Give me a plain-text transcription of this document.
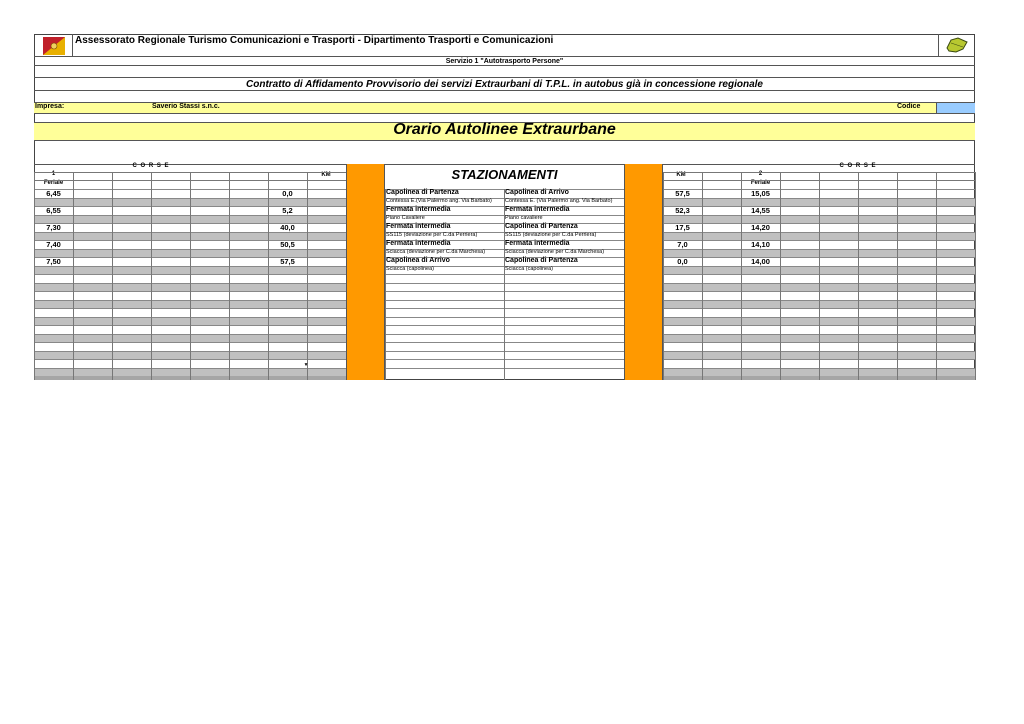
Assessorato Regionale Turismo Comunicazioni e Trasporti - Dipartimento Trasporti e Comunicazioni
Servizio 1 "Autotrasporto Persone"
Contratto di Affidamento Provvisorio dei servizi Extraurbani di T.P.L. in autobus già in concessione regionale
Impresa:	Saverio Stassi s.n.c.	Codice
Orario Autolinee Extraurbane
C O R S E	C O R S E
1	2
Feriale	Feriale
KM	KM
STAZIONAMENTI
▼
6,45	0,0	Capolinea di Partenza	Capolinea di Arrivo	57,5	15,05
Contessa E.(Via Palermo ang. Via Barbato)	Contessa E. (Via Palermo ang. Via Barbato)
6,55	5,2	Fermata intermedia	Fermata intermedia	52,3	14,55
Piano Cavaliere	Piano cavaliere
7,30	40,0	Fermata intermedia	Capolinea di Partenza	17,5	14,20
SS115 (deviazione per C.da Perriera)	SS115 (deviazione per C.da Perriera)
7,40	50,5	Fermata intermedia	Fermata intermedia	7,0	14,10
Sciacca (deviazione per C.da Marchesa)	Sciacca (deviazione per C.da Marchesa)
7,50	57,5	Capolinea di Arrivo	Capolinea di Partenza	0,0	14,00
Sciacca (capolinea)	Sciacca (capolinea)
